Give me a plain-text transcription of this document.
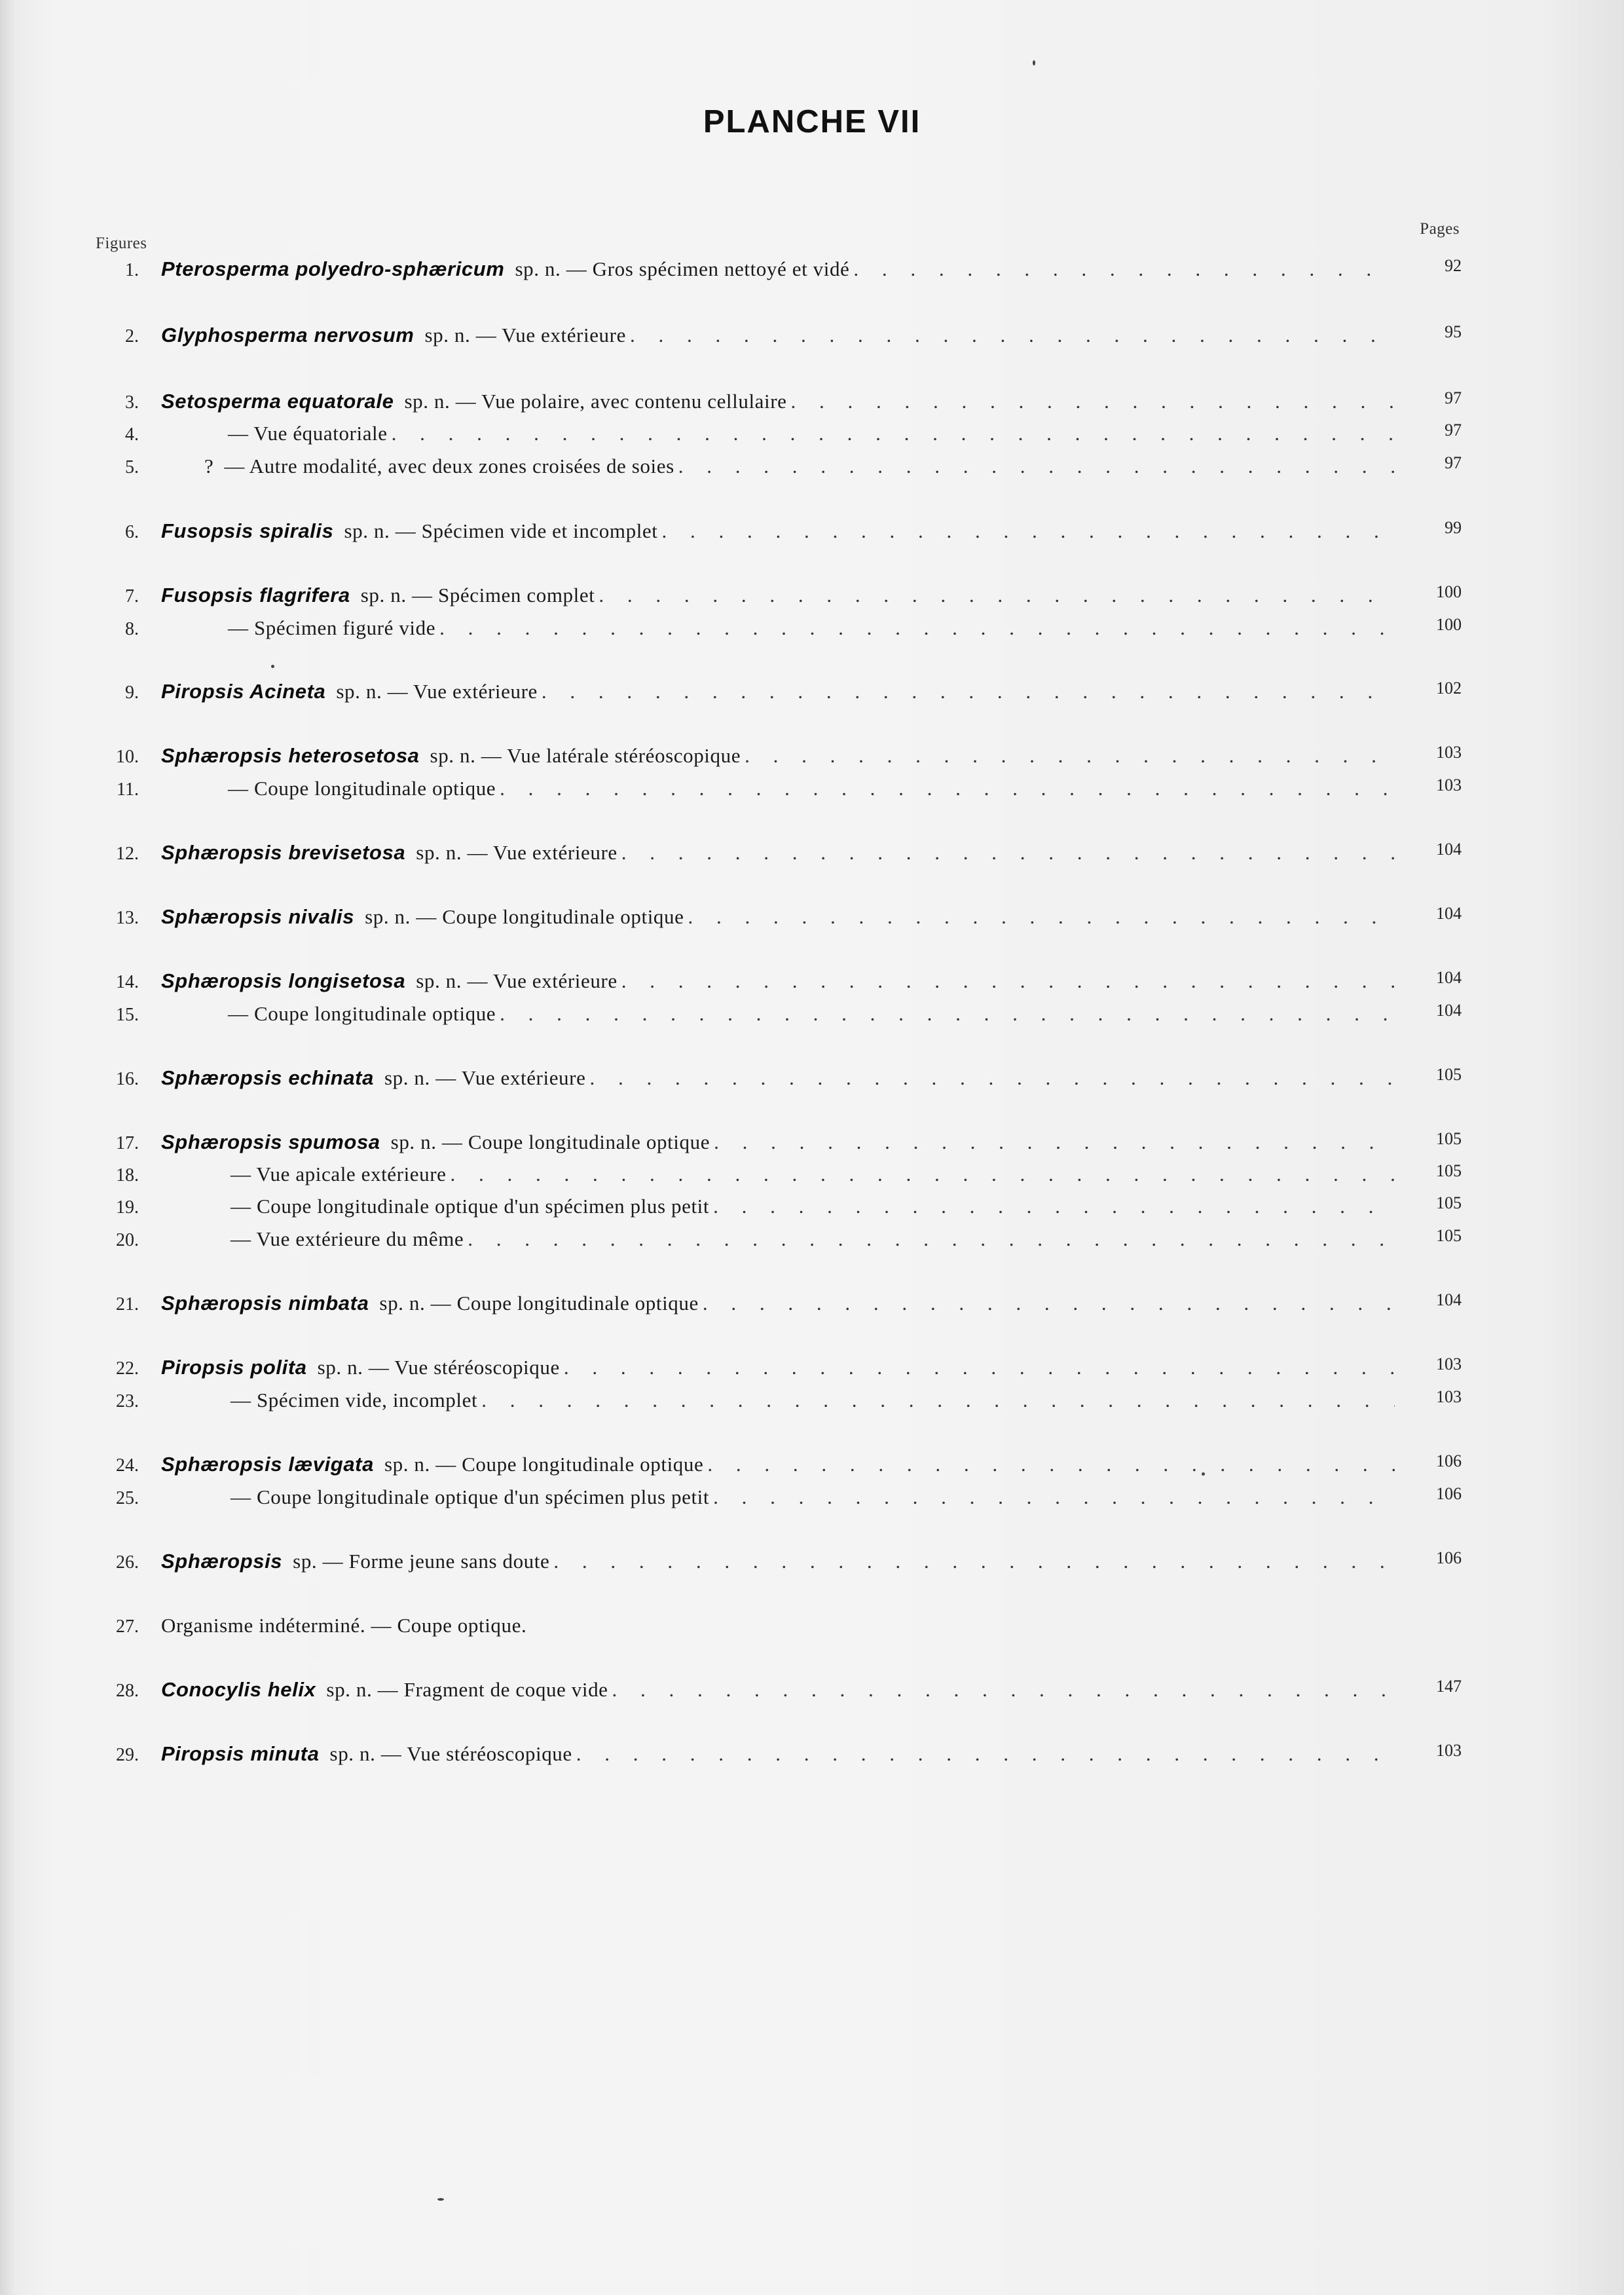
PLANCHE VII
Figures
Pages
1. Pterosperma polyedro-sphæricum sp. n. — Gros spécimen nettoyé et vidé . . .	92
2. Glyphosperma nervosum sp. n. — Vue extérieure . . .	95
3. Setosperma equatorale sp. n. — Vue polaire, avec contenu cellulaire . . .	97
4.	— Vue équatoriale . . .	97
5.	? — Autre modalité, avec deux zones croisées de soies . . .	97
6. Fusopsis spiralis sp. n. — Spécimen vide et incomplet . . .	99
7. Fusopsis flagrifera sp. n. — Spécimen complet . . .	100
8.	— Spécimen figuré vide . . .	100
9. Piropsis Acineta sp. n. — Vue extérieure . . .	102
10. Sphæropsis heterosetosa sp. n. — Vue latérale stéréoscopique . . .	103
11.	— Coupe longitudinale optique . . .	103
12. Sphæropsis brevisetosa sp. n. — Vue extérieure . . .	104
13. Sphæropsis nivalis sp. n. — Coupe longitudinale optique . . .	104
14. Sphæropsis longisetosa sp. n. — Vue extérieure . . .	104
15.	— Coupe longitudinale optique . . .	104
16. Sphæropsis echinata sp. n. — Vue extérieure . . .	105
17. Sphæropsis spumosa sp. n. — Coupe longitudinale optique . . .	105
18.	— Vue apicale extérieure . . .	105
19.	— Coupe longitudinale optique d'un spécimen plus petit . . .	105
20.	— Vue extérieure du même . . .	105
21. Sphæropsis nimbata sp. n. — Coupe longitudinale optique . . .	104
22. Piropsis polita sp. n. — Vue stéréoscopique . . .	103
23.	— Spécimen vide, incomplet . . .	103
24. Sphæropsis lævigata sp. n. — Coupe longitudinale optique . . .	106
25.	— Coupe longitudinale optique d'un spécimen plus petit . . .	106
26. Sphæropsis sp. — Forme jeune sans doute . . .	106
27. Organisme indéterminé. — Coupe optique.
28. Conocylis helix sp. n. — Fragment de coque vide . . .	147
29. Piropsis minuta sp. n. — Vue stéréoscopique . . .	103
